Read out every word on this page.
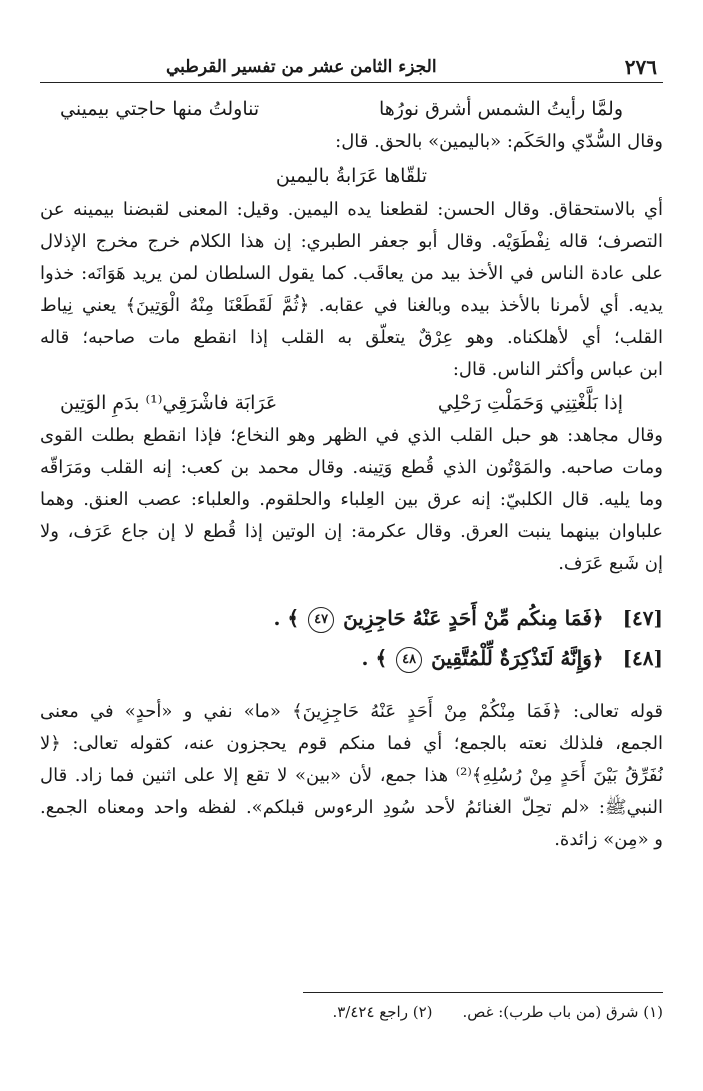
٢٧٦
الجزء الثامن عشر من تفسير القرطبي
ولمَّا رأيتُ الشمس أشرق نورُها
تناولتُ منها حاجتي بيميني
وقال السُّدّي والحَكَم: «باليمين» بالحق. قال:
تلقّاها عَرَابةُ باليمين
أي بالاستحقاق. وقال الحسن: لقطعنا يده اليمين. وقيل: المعنى لقبضنا بيمينه عن
التصرف؛ قاله نِفْطَوَيْه. وقال أبو جعفر الطبري: إن هذا الكلام خرج مخرج الإذلال
على عادة الناس في الأخذ بيد من يعاقَب. كما يقول السلطان لمن يريد هَوَانَه: خذوا
يديه. أي لأمرنا بالأخذ بيده وبالغنا في عقابه. ﴿ثُمَّ لَقَطَعْنَا مِنْهُ الْوَتِينَ﴾ يعني نِياط
القلب؛ أي لأهلكناه. وهو عِرْقٌ يتعلّق به القلب إذا انقطع مات صاحبه؛ قاله
ابن عباس وأكثر الناس. قال:
إذا بَلَّغْتِنِي وَحَمَلْتِ رَحْلِي
عَرَابَة فاشْرَقِي⁽¹⁾ بدَمِ الوَتِين
وقال مجاهد: هو حبل القلب الذي في الظهر وهو النخاع؛ فإذا انقطع بطلت القوى
ومات صاحبه. والمَوْتُون الذي قُطع وَتِينه. وقال محمد بن كعب: إنه القلب ومَرَاقّه
وما يليه. قال الكلبيّ: إنه عرق بين العِلباء والحلقوم. والعلباء: عصب العنق. وهما
علباوان بينهما ينبت العرق. وقال عكرمة: إن الوتين إذا قُطع لا إن جاع عَرَف، ولا
إن شَبع عَرَف.
[٤٧] ﴿فَمَا مِنكُم مِّنْ أَحَدٍ عَنْهُ حَاجِزِينَ ٤٧ ﴾ .
[٤٨] ﴿وَإِنَّهُ لَتَذْكِرَةٌ لِّلْمُتَّقِينَ ٤٨ ﴾ .
قوله تعالى: ﴿فَمَا مِنْكُمْ مِنْ أَحَدٍ عَنْهُ حَاجِزِينَ﴾ «ما» نفي و «أحدٍ» في معنى
الجمع، فلذلك نعته بالجمع؛ أي فما منكم قوم يحجزون عنه، كقوله تعالى: ﴿لا
نُفَرِّقُ بَيْنَ أَحَدٍ مِنْ رُسُلِهِ﴾⁽²⁾ هذا جمع، لأن «بين» لا تقع إلا على اثنين فما زاد. قال
النبيﷺ: «لم تحِلّ الغنائمُ لأحد سُودِ الرءوس قبلكم». لفظه واحد ومعناه الجمع.
و «مِن» زائدة.
(١) شرق (من باب طرب): غص.
(٢) راجع ٣/٤٢٤.
